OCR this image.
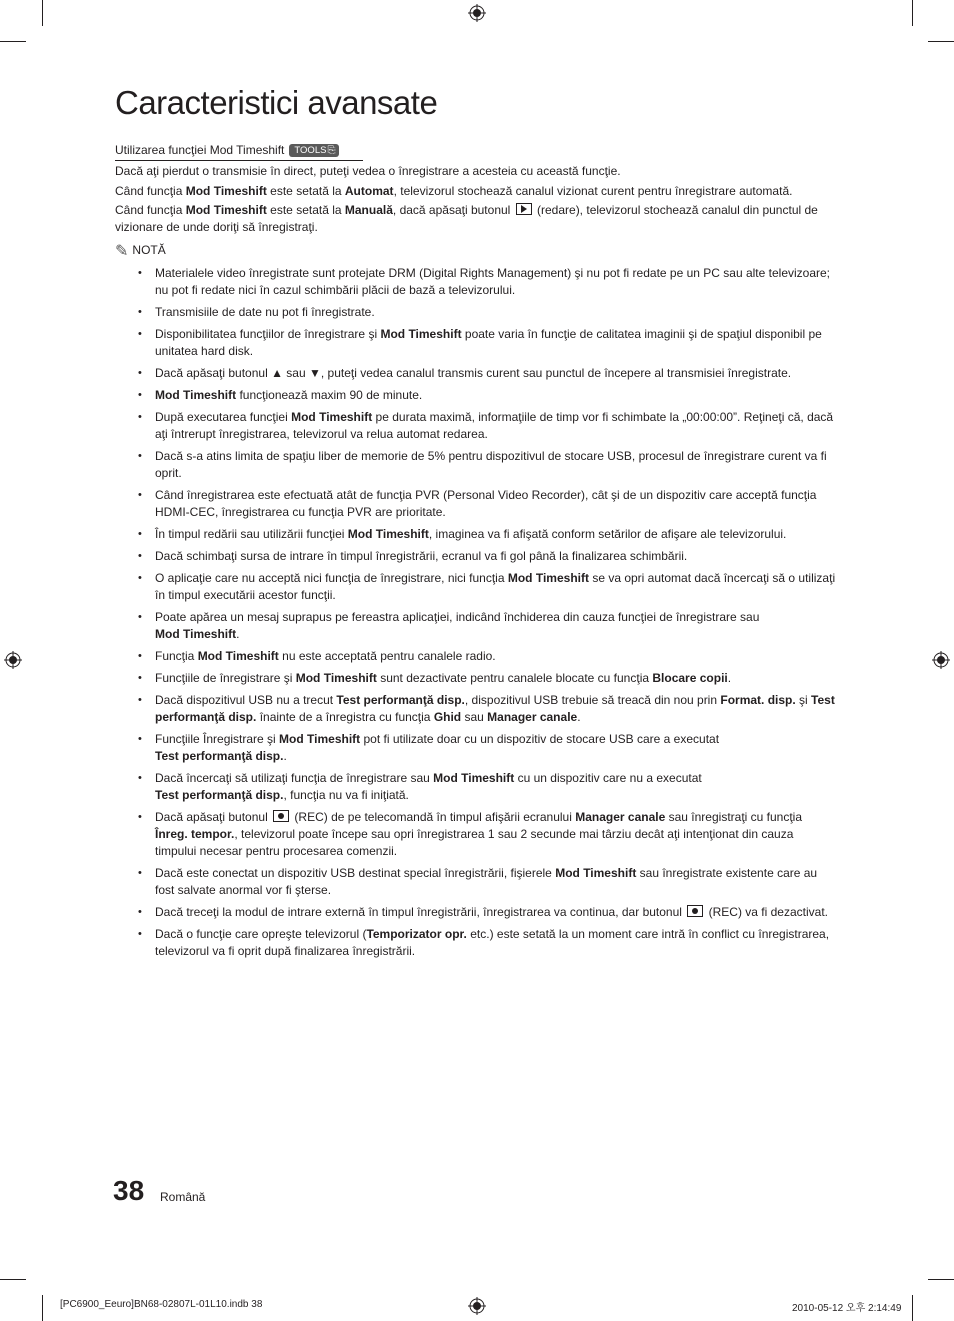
Caracteristici avansate
Utilizarea funcţiei Mod Timeshift TOOLS⎘
Dacă aţi pierdut o transmisie în direct, puteţi vedea o înregistrare a acesteia cu această funcţie.
Când funcţia Mod Timeshift este setată la Automat, televizorul stochează canalul vizionat curent pentru înregistrare automată.
Când funcţia Mod Timeshift este setată la Manuală, dacă apăsaţi butonul
(redare), televizorul stochează canalul din punctul de vizionare de unde doriţi să înregistraţi.
✎ NOTĂ
• Materialele video înregistrate sunt protejate DRM (Digital Rights Management) şi nu pot fi redate pe un PC sau alte televizoare; nu pot fi redate nici în cazul schimbării plăcii de bază a televizorului.
• Transmisiile de date nu pot fi înregistrate.
• Disponibilitatea funcţiilor de înregistrare şi Mod Timeshift poate varia în funcţie de calitatea imaginii şi de spaţiul disponibil pe unitatea hard disk.
• Dacă apăsaţi butonul ▲ sau ▼, puteţi vedea canalul transmis curent sau punctul de începere al transmisiei înregistrate.
• Mod Timeshift funcţionează maxim 90 de minute.
• După executarea funcţiei Mod Timeshift pe durata maximă, informaţiile de timp vor fi schimbate la „00:00:00”. Reţineţi că, dacă aţi întrerupt înregistrarea, televizorul va relua automat redarea.
• Dacă s-a atins limita de spaţiu liber de memorie de 5% pentru dispozitivul de stocare USB, procesul de înregistrare curent va fi oprit.
• Când înregistrarea este efectuată atât de funcţia PVR (Personal Video Recorder), cât şi de un dispozitiv care acceptă funcţia HDMI-CEC, înregistrarea cu funcţia PVR are prioritate.
• În timpul redării sau utilizării funcţiei Mod Timeshift, imaginea va fi afişată conform setărilor de afişare ale televizorului.
• Dacă schimbaţi sursa de intrare în timpul înregistrării, ecranul va fi gol până la finalizarea schimbării.
• O aplicaţie care nu acceptă nici funcţia de înregistrare, nici funcţia Mod Timeshift se va opri automat dacă încercaţi să o utilizaţi în timpul executării acestor funcţii.
• Poate apărea un mesaj suprapus pe fereastra aplicaţiei, indicând închiderea din cauza funcţiei de înregistrare sau
Mod Timeshift.
• Funcţia Mod Timeshift nu este acceptată pentru canalele radio.
• Funcţiile de înregistrare şi Mod Timeshift sunt dezactivate pentru canalele blocate cu funcţia Blocare copii.
• Dacă dispozitivul USB nu a trecut Test performanţă disp., dispozitivul USB trebuie să treacă din nou prin Format. disp. şi Test performanţă disp. înainte de a înregistra cu funcţia Ghid sau Manager canale.
• Funcţiile Înregistrare şi Mod Timeshift pot fi utilizate doar cu un dispozitiv de stocare USB care a executat
Test performanţă disp..
• Dacă încercaţi să utilizaţi funcţia de înregistrare sau Mod Timeshift cu un dispozitiv care nu a executat
Test performanţă disp., funcţia nu va fi iniţiată.
• Dacă apăsaţi butonul
(REC) de pe telecomandă în timpul afişării ecranului Manager canale sau înregistraţi cu funcţia
Înreg. tempor., televizorul poate începe sau opri înregistrarea 1 sau 2 secunde mai târziu decât aţi intenţionat din cauza timpului necesar pentru procesarea comenzii.
• Dacă este conectat un dispozitiv USB destinat special înregistrării, fişierele Mod Timeshift sau înregistrate existente care au fost salvate anormal vor fi şterse.
• Dacă treceţi la modul de intrare externă în timpul înregistrării, înregistrarea va continua, dar butonul
(REC) va fi dezactivat.
• Dacă o funcţie care opreşte televizorul (Temporizator opr. etc.) este setată la un moment care intră în conflict cu înregistrarea, televizorul va fi oprit după finalizarea înregistrării.
38 Română
[PC6900_Eeuro]BN68-02807L-01L10.indb 38	2010-05-12 오후 2:14:49
